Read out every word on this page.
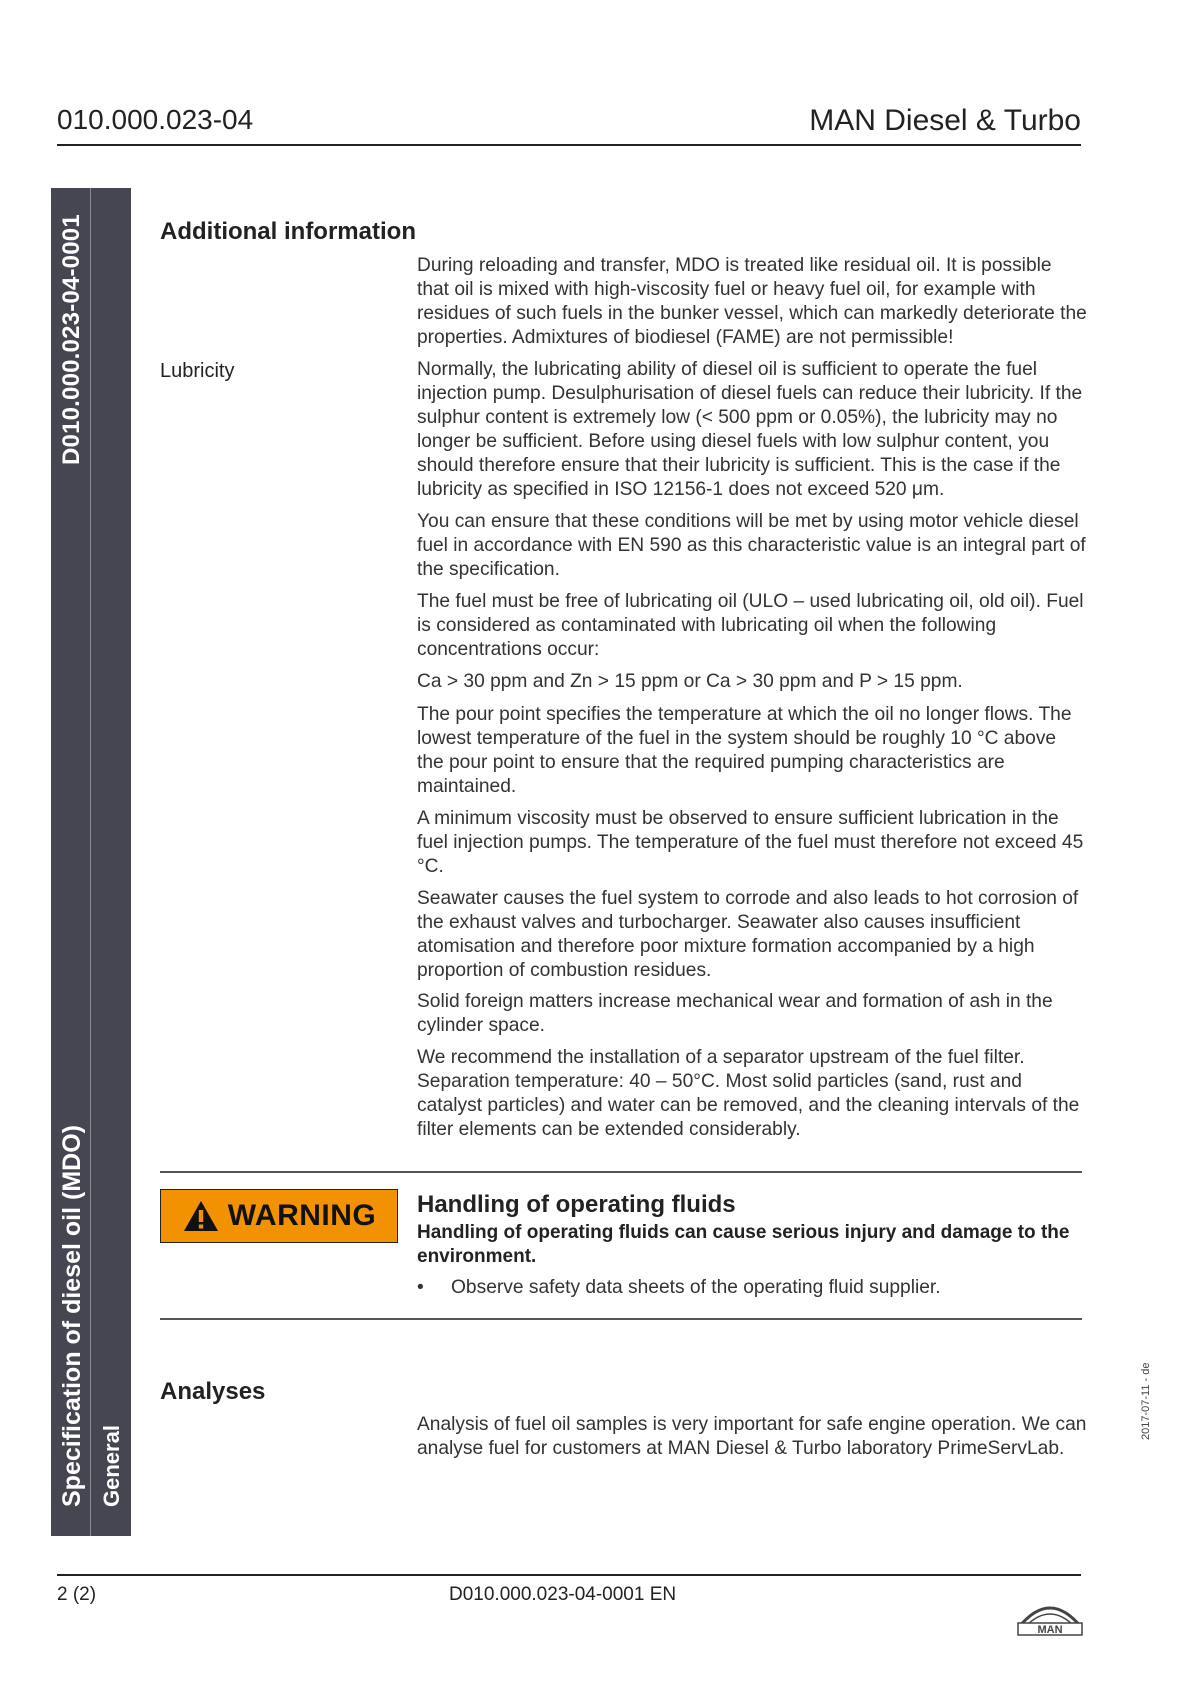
010.000.023-04	MAN Diesel & Turbo
D010.000.023-04-0001
Specification of diesel oil (MDO) General
Additional information

During reloading and transfer, MDO is treated like residual oil. It is possible that oil is mixed with high-viscosity fuel or heavy fuel oil, for example with residues of such fuels in the bunker vessel, which can markedly deteriorate the properties. Admixtures of biodiesel (FAME) are not permissible!

Lubricity	Normally, the lubricating ability of diesel oil is sufficient to operate the fuel injection pump. Desulphurisation of diesel fuels can reduce their lubricity. If the sulphur content is extremely low (< 500 ppm or 0.05%), the lubricity may no longer be sufficient. Before using diesel fuels with low sulphur content, you should therefore ensure that their lubricity is sufficient. This is the case if the lubricity as specified in ISO 12156-1 does not exceed 520 μm.

You can ensure that these conditions will be met by using motor vehicle diesel fuel in accordance with EN 590 as this characteristic value is an integral part of the specification.

The fuel must be free of lubricating oil (ULO – used lubricating oil, old oil). Fuel is considered as contaminated with lubricating oil when the following concentrations occur:

Ca > 30 ppm and Zn > 15 ppm or Ca > 30 ppm and P > 15 ppm.

The pour point specifies the temperature at which the oil no longer flows. The lowest temperature of the fuel in the system should be roughly 10 °C above the pour point to ensure that the required pumping characteristics are maintained.

A minimum viscosity must be observed to ensure sufficient lubrication in the fuel injection pumps. The temperature of the fuel must therefore not exceed 45 °C.

Seawater causes the fuel system to corrode and also leads to hot corrosion of the exhaust valves and turbocharger. Seawater also causes insufficient atomisation and therefore poor mixture formation accompanied by a high proportion of combustion residues.

Solid foreign matters increase mechanical wear and formation of ash in the cylinder space.

We recommend the installation of a separator upstream of the fuel filter. Separation temperature: 40 – 50°C. Most solid particles (sand, rust and catalyst particles) and water can be removed, and the cleaning intervals of the filter elements can be extended considerably.

WARNING Handling of operating fluids

Handling of operating fluids can cause serious injury and damage to the environment.

• Observe safety data sheets of the operating fluid supplier.
Analyses

Analysis of fuel oil samples is very important for safe engine operation. We can analyse fuel for customers at MAN Diesel & Turbo laboratory PrimeServLab.

2017-07-11 - de
2 (2)	D010.000.023-04-0001 EN
MAN
